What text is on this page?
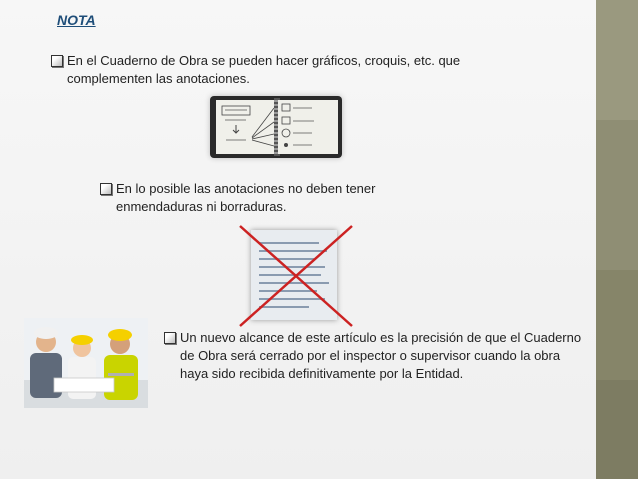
NOTA
En el Cuaderno de Obra se pueden hacer gráficos, croquis, etc. que complementen las anotaciones.
En lo posible las anotaciones no deben tener enmendaduras ni borraduras.
Un nuevo alcance de este artículo es la precisión de que el Cuaderno de Obra será cerrado por el inspector o supervisor cuando la obra haya sido recibida definitivamente por la Entidad.
